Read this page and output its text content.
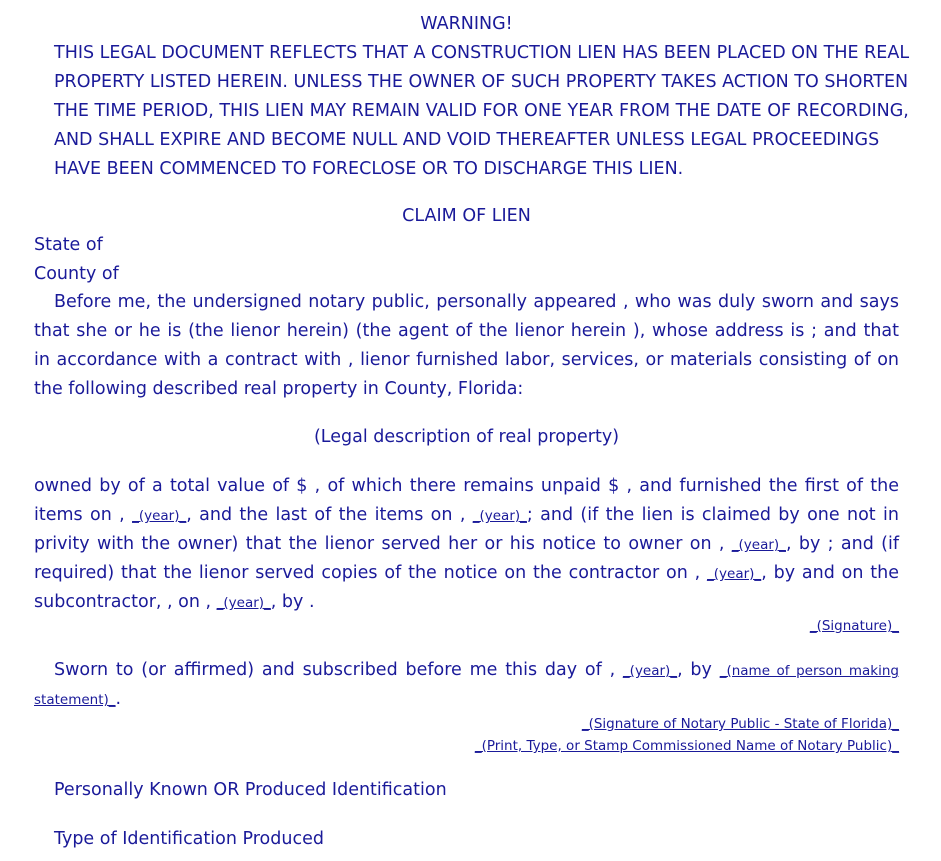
WARNING!
THIS LEGAL DOCUMENT REFLECTS THAT A CONSTRUCTION LIEN HAS BEEN PLACED ON THE REAL
PROPERTY LISTED HEREIN. UNLESS THE OWNER OF SUCH PROPERTY TAKES ACTION TO SHORTEN
THE TIME PERIOD, THIS LIEN MAY REMAIN VALID FOR ONE YEAR FROM THE DATE OF RECORDING,
AND SHALL EXPIRE AND BECOME NULL AND VOID THEREAFTER UNLESS LEGAL PROCEEDINGS
HAVE BEEN COMMENCED TO FORECLOSE OR TO DISCHARGE THIS LIEN.
CLAIM OF LIEN
State of
County of
Before me, the undersigned notary public, personally appeared , who was duly sworn and says
that she or he is (the lienor herein) (the agent of the lienor herein ), whose address is ; and that
in accordance with a contract with , lienor furnished labor, services, or materials consisting of on
the following described real property in County, Florida:
(Legal description of real property)
owned by of a total value of $ , of which there remains unpaid $ , and furnished the first of the
items on , _(year)_, and the last of the items on , _(year)_; and (if the lien is claimed by one not in
privity with the owner) that the lienor served her or his notice to owner on , _(year)_, by ; and (if
required) that the lienor served copies of the notice on the contractor on , _(year)_, by and on the
subcontractor, , on , _(year)_, by .
_(Signature)_
Sworn to (or affirmed) and subscribed before me this day of , _(year)_, by _(name of person making
statement)_.
_(Signature of Notary Public - State of Florida)_
_(Print, Type, or Stamp Commissioned Name of Notary Public)_
Personally Known OR Produced Identification
Type of Identification Produced
